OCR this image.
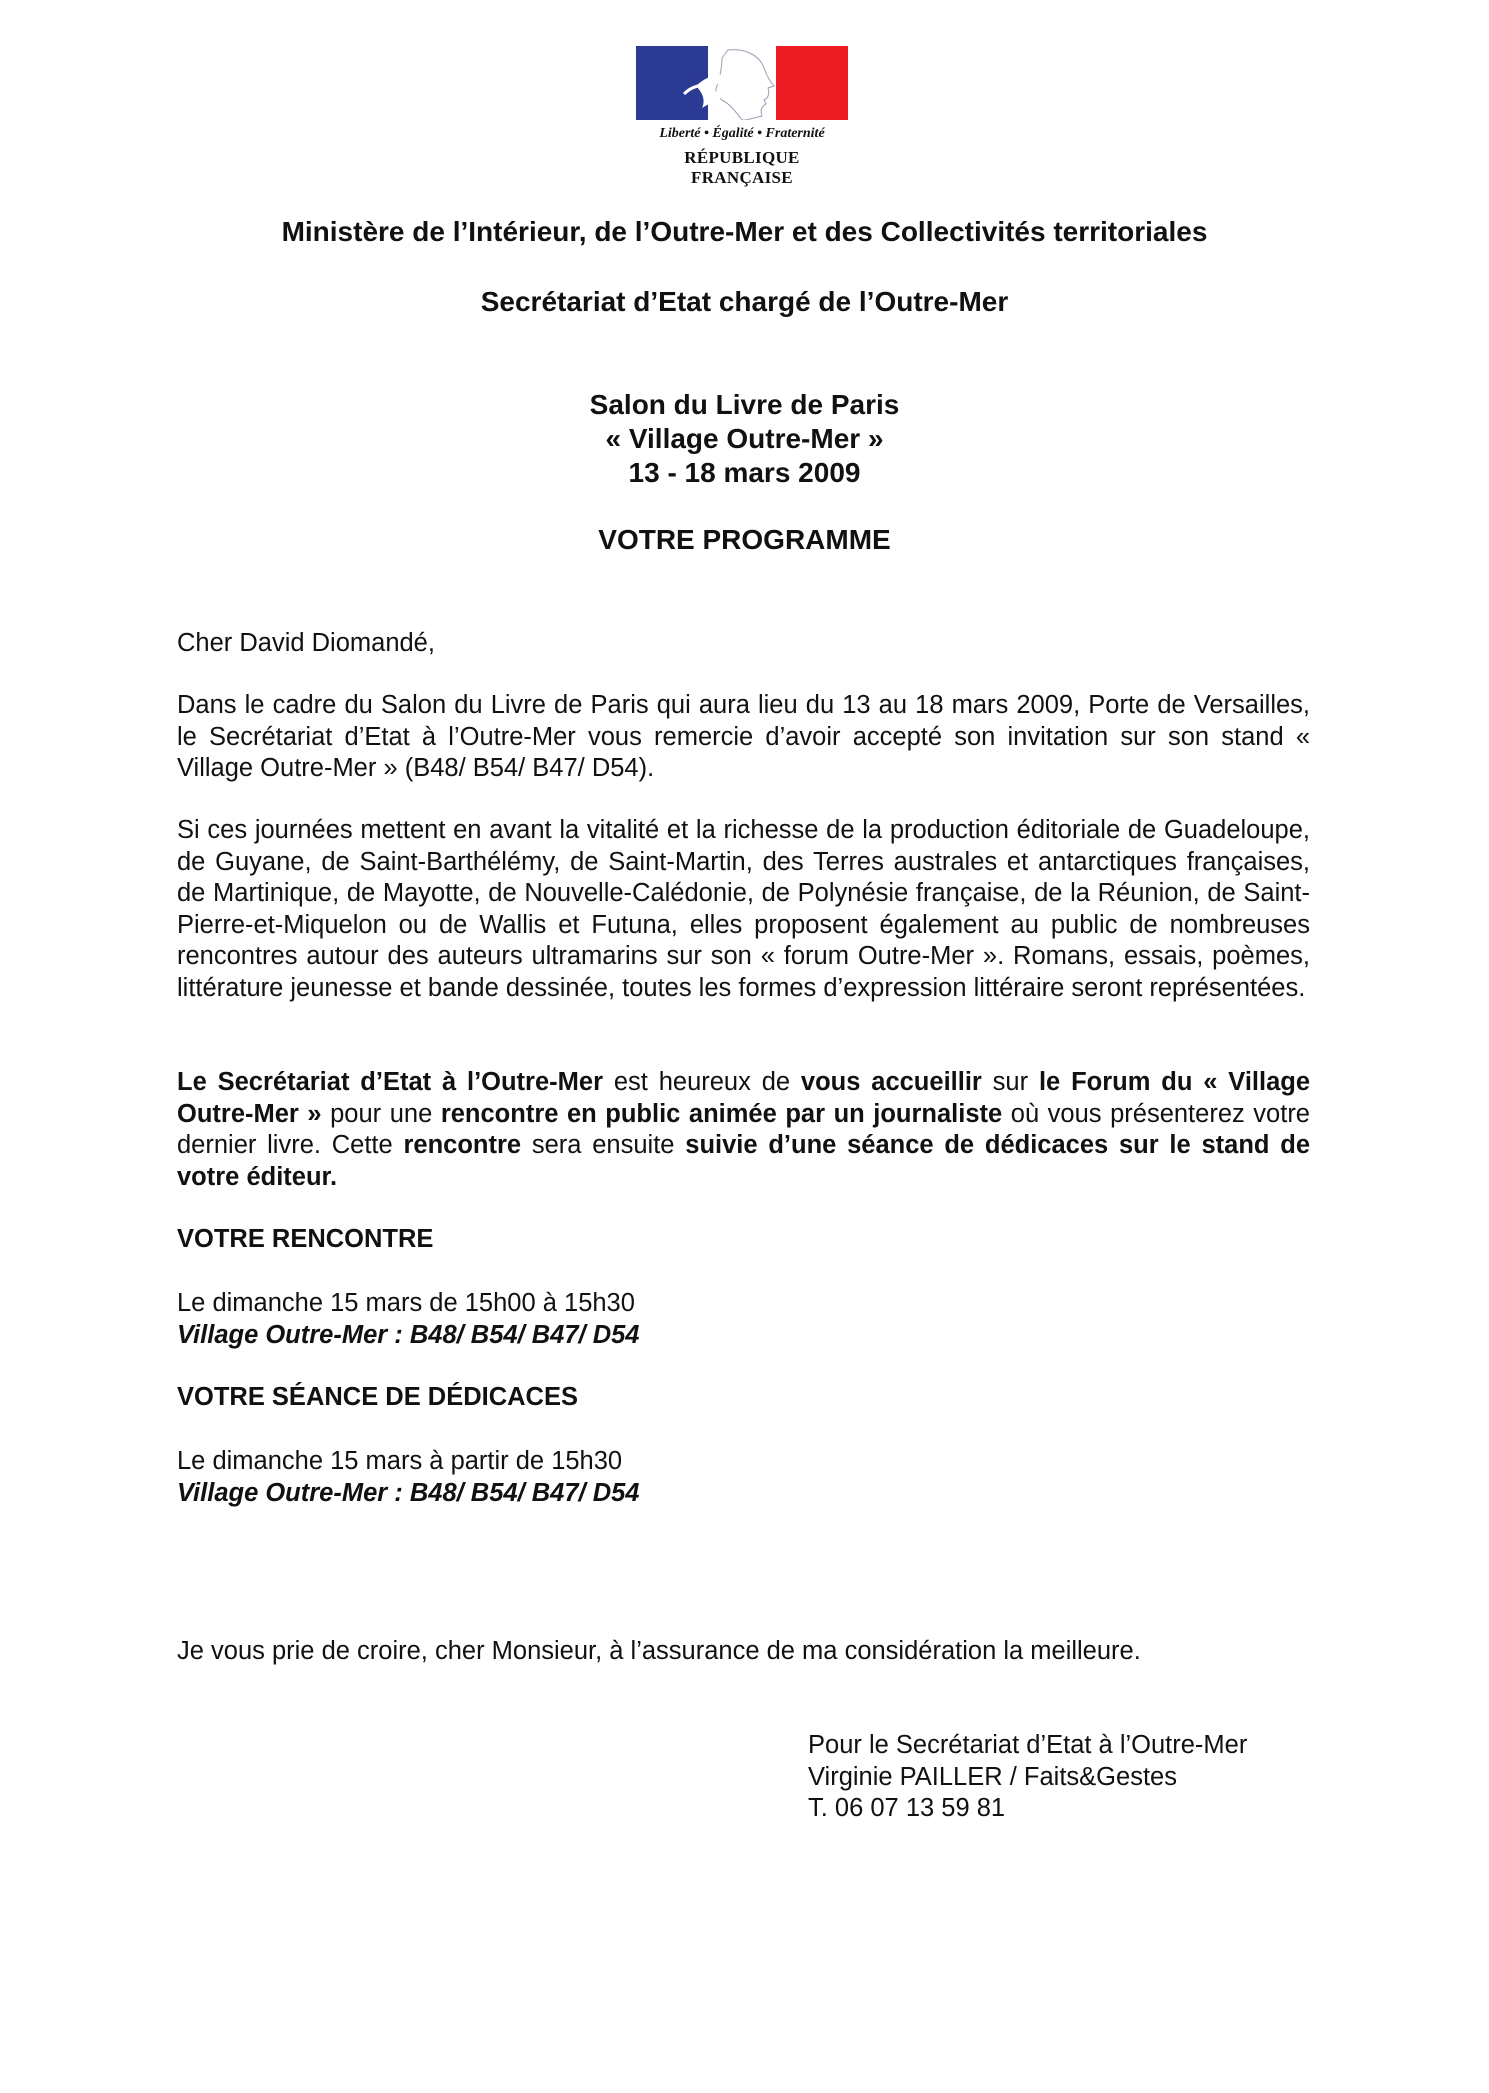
Liberté • Égalité • Fraternité
RÉPUBLIQUE FRANÇAISE
Ministère de l’Intérieur, de l’Outre-Mer et des Collectivités territoriales
Secrétariat d’Etat chargé de l’Outre-Mer
Salon du Livre de Paris
« Village Outre-Mer »
13 - 18 mars 2009
VOTRE PROGRAMME
Cher David Diomandé,
Dans le cadre du Salon du Livre de Paris qui aura lieu du 13 au 18 mars 2009, Porte de Versailles, le Secrétariat d’Etat à l’Outre-Mer vous remercie d’avoir accepté son invitation sur son stand « Village Outre-Mer » (B48/ B54/ B47/ D54).
Si ces journées mettent en avant la vitalité et la richesse de la production éditoriale de Guadeloupe, de Guyane, de Saint-Barthélémy, de Saint-Martin, des Terres australes et antarctiques françaises, de Martinique, de Mayotte, de Nouvelle-Calédonie, de Polynésie française, de la Réunion, de Saint-Pierre-et-Miquelon ou de Wallis et Futuna, elles proposent également au public de nombreuses rencontres autour des auteurs ultramarins sur son « forum Outre-Mer ». Romans, essais, poèmes, littérature jeunesse et bande dessinée, toutes les formes d’expression littéraire seront représentées.
Le Secrétariat d’Etat à l’Outre-Mer est heureux de vous accueillir sur le Forum du « Village Outre-Mer » pour une rencontre en public animée par un journaliste où vous présenterez votre dernier livre. Cette rencontre sera ensuite suivie d’une séance de dédicaces sur le stand de votre éditeur.
VOTRE RENCONTRE
Le dimanche 15 mars de 15h00 à 15h30
Village Outre-Mer : B48/ B54/ B47/ D54
VOTRE SÉANCE DE DÉDICACES
Le dimanche 15 mars à partir de 15h30
Village Outre-Mer : B48/ B54/ B47/ D54
Je vous prie de croire, cher Monsieur, à l’assurance de ma considération la meilleure.
Pour le Secrétariat d’Etat à l’Outre-Mer
Virginie PAILLER / Faits&Gestes
T. 06 07 13 59 81
